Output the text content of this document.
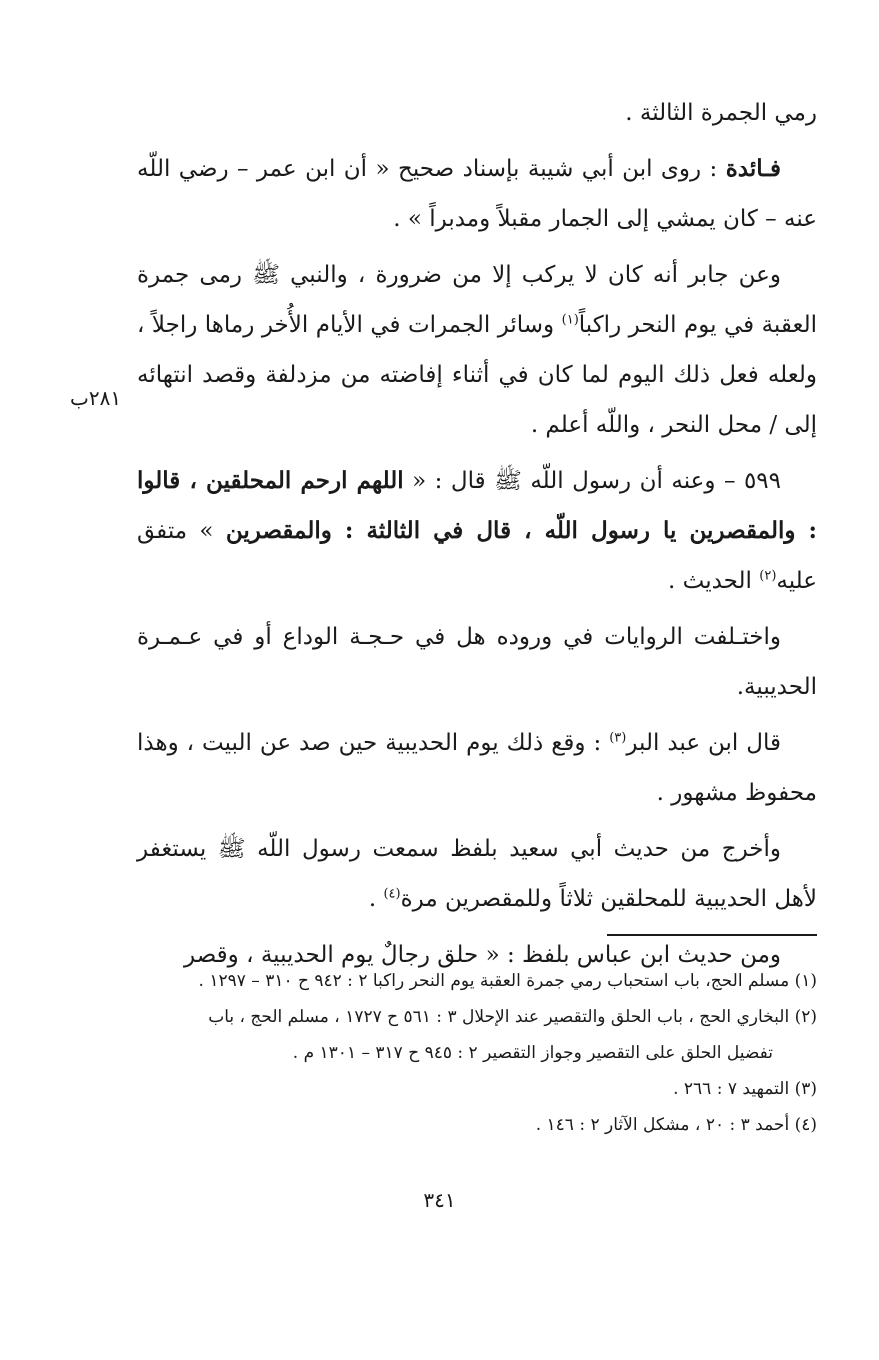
رمي الجمرة الثالثة .

فـائدة : روى ابن أبي شيبة بإسناد صحيح « أن ابن عمر – رضي اللّه عنه – كان يمشي إلى الجمار مقبلاً ومدبراً » .

وعن جابر أنه كان لا يركب إلا من ضرورة ، والنبي ﷺ رمى جمرة العقبة في يوم النحر راكباً$^{(١)}$ وسائر الجمرات في الأيام الأُخر رماها راجلاً ، ولعله فعل ذلك اليوم لما كان في أثناء إفاضته من مزدلفة وقصد انتهائه إلى / محل النحر ، واللّه أعلم .

٥٩٩ – وعنه أن رسول اللّه ﷺ قال : « اللهم ارحم المحلقين ، قالوا : والمقصرين يا رسول اللّه ، قال في الثالثة : والمقصرين » متفق عليه$^{(٢)}$ الحديث .

واختـلفت الروايات في وروده هل في حـجـة الوداع أو في عـمـرة الحديبية.

قال ابن عبد البر$^{(٣)}$ : وقع ذلك يوم الحديبية حين صد عن البيت ، وهذا محفوظ مشهور .

وأخرج من حديث أبي سعيد بلفظ سمعت رسول اللّه ﷺ يستغفر لأهل الحديبية للمحلقين ثلاثاً وللمقصرين مرة$^{(٤)}$ .

ومن حديث ابن عباس بلفظ : « حلق رجالٌ يوم الحديبية ، وقصر

٢٨١ب
(١) مسلم الحج، باب استحباب رمي جمرة العقبة يوم النحر راكبا ٢ : ٩٤٢ ح ٣١٠ – ١٢٩٧ .
(٢) البخاري الحج ، باب الحلق والتقصير عند الإحلال ٣ : ٥٦١ ح ١٧٢٧ ، مسلم الحج ، باب
تفضيل الحلق على التقصير وجواز التقصير ٢ : ٩٤٥ ح ٣١٧ – ١٣٠١ م .
(٣) التمهيد ٧ : ٢٦٦ .
(٤) أحمد ٣ : ٢٠ ، مشكل الآثار ٢ : ١٤٦ .
٣٤١
